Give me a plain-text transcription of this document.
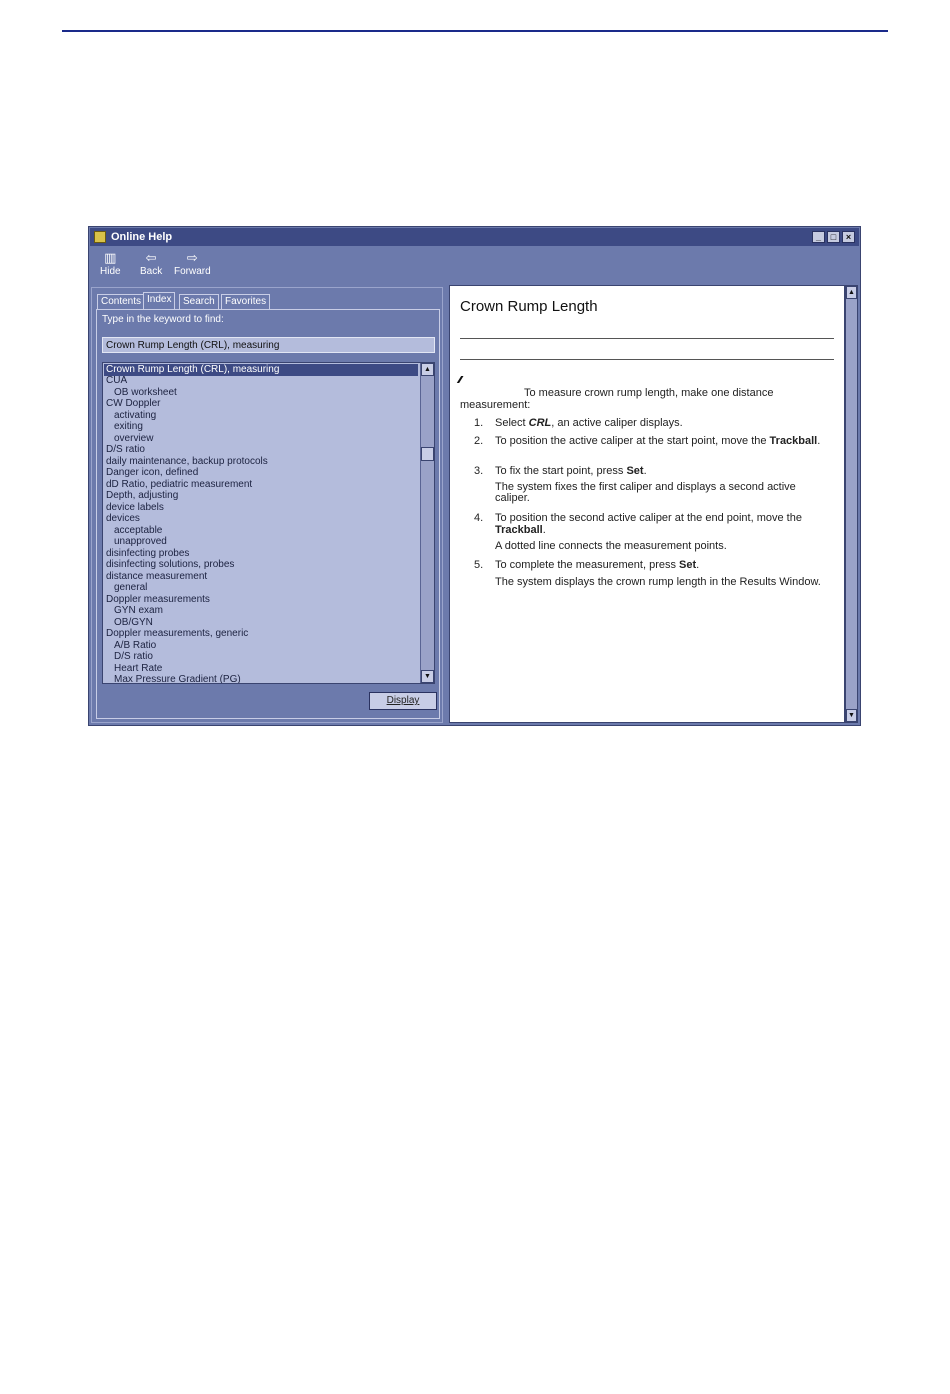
Online Help	_	□	×
▥
Hide
⇦
Back
⇨
Forward
Contents Index	Search	Favorites
Type in the keyword to find:
Crown Rump Length (CRL), measuring
Crown Rump Length (CRL), measuring
CUA
OB worksheet
CW Doppler
activating
exiting
overview
D/S ratio
daily maintenance, backup protocols
Danger icon, defined
dD Ratio, pediatric measurement
Depth, adjusting
device labels
devices
acceptable
unapproved
disinfecting probes
disinfecting solutions, probes
distance measurement
general
Doppler measurements
GYN exam
OB/GYN
Doppler measurements, generic
A/B Ratio
D/S ratio
Heart Rate
Max Pressure Gradient (PG)
▲
▼
Display
Crown Rump Length
To measure crown rump length, make one distance measurement:
1. Select CRL, an active caliper displays.
2. To position the active caliper at the start point, move the Trackball.
3. To fix the start point, press Set.
The system fixes the first caliper and displays a second active caliper.
4. To position the second active caliper at the end point, move the Trackball.
A dotted line connects the measurement points.
5. To complete the measurement, press Set.
The system displays the crown rump length in the Results Window.
▲
▼
